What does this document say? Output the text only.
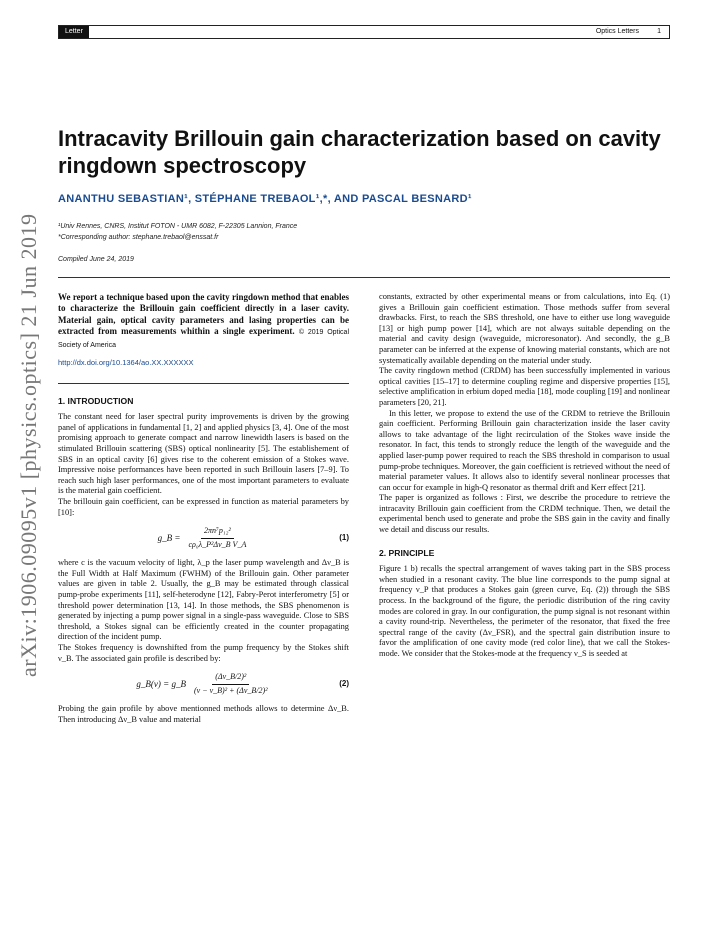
Letter	Optics Letters	1
arXiv:1906.09095v1 [physics.optics] 21 Jun 2019
Intracavity Brillouin gain characterization based on cavity ringdown spectroscopy
ANANTHU SEBASTIAN¹, STÉPHANE TREBAOL¹,*, AND PASCAL BESNARD¹
¹Univ Rennes, CNRS, Institut FOTON - UMR 6082, F-22305 Lannion, France
*Corresponding author: stephane.trebaol@enssat.fr
Compiled June 24, 2019

We report a technique based upon the cavity ringdown method that enables to characterize the Brillouin gain coefficient directly in a laser cavity. Material gain, optical cavity parameters and lasing properties can be extracted from measurements whithin a single experiment. © 2019 Optical Society of America

http://dx.doi.org/10.1364/ao.XX.XXXXXX

1. INTRODUCTION

The constant need for laser spectral purity improvements is driven by the growing panel of applications in fundamental [1, 2] and applied physics [3, 4]. One of the most promising approach to generate compact and narrow linewidth lasers is based on the stimulated Brillouin scattering (SBS) optical nonlinearity [5]. The establishement of SBS in an optical cavity [6] gives rise to the coherent emission of a Stokes wave. Impressive noise performances have been reported in such Brillouin lasers [7–9]. To reach such high laser performances, one of the most important parameters to evaluate is the material gain coefficient.

The brillouin gain coefficient, can be expressed in function as material parameters by [10]:

g_B = $\frac{\text{2πn⁷p₁₂²}}{\text{cρ₀λ\_P²Δν\_B V\_A}}$	(1)

where c is the vacuum velocity of light, λ_p the laser pump wavelength and Δν_B is the Full Width at Half Maximum (FWHM) of the Brillouin gain. Other parameter values are given in table 2. Usually, the g_B may be estimated through classical pump-probe experiments [11], self-heterodyne [12], Fabry-Perot interferometry [5] or threshold power determination [13, 14]. In those methods, the SBS phenomenon is generated by injecting a pump power signal in a single-pass waveguide. Close to SBS threshold, a Stokes signal can be efficiently created in the counter propagating direction of the incident pump.

The Stokes frequency is downshifted from the pump frequency by the Stokes shift ν_B. The associated gain profile is described by:

g_B(ν) = g_B $\frac{\text{(Δν\_B/2)²}}{\text{(ν − ν\_B)² + (Δν\_B/2)²}}$	(2)

Probing the gain profile by above mentionned methods allows to determine Δν_B. Then introducing Δν_B value and material

constants, extracted by other experimental means or from calculations, into Eq. (1) gives a Brillouin gain coefficient estimation. Those methods suffer from several drawbacks. First, to reach the SBS threshold, one have to either use long waveguide [13] or high pump power [14], which are not always suitable depending on the material and cavity design (waveguide, microresonator). And secondly, the g_B parameter can be inferred at the expense of knowing material constants, which are not systematically available depending on the material under study.

The cavity ringdown method (CRDM) has been successfully implemented in various optical cavities [15–17] to determine coupling regime and dispersive properties [15], selective amplification in erbium doped media [18], mode coupling [19] and nonlinear parameters [20, 21].

In this letter, we propose to extend the use of the CRDM to retrieve the Brillouin gain coefficient. Performing Brillouin gain characterization inside the laser cavity allows to take advantage of the light recirculation of the Stokes wave inside the resonator. In fact, this tends to strongly reduce the length of the waveguide and the applied laser-pump power required to reach the SBS threshold in comparison to usual pump-probe techniques. Moreover, the gain coefficient is retrieved without the need of material parameter values. It allows also to identify several nonlinear processes that can occur for example in high-Q resonator as thermal drift and Kerr effect [21].

The paper is organized as follows : First, we describe the procedure to retrieve the intracavity Brillouin gain coefficient from the CRDM technique. Then, we detail the experimental bench used to generate and probe the SBS gain in the cavity and finally we detail and discuss our results.

2. PRINCIPLE

Figure 1 b) recalls the spectral arrangement of waves taking part in the SBS process when studied in a resonant cavity. The blue line corresponds to the pump signal at frequency ν_P that produces a Stokes gain (green curve, Eq. (2)) through the SBS process. In the background of the figure, the periodic distribution of the ring cavity modes are colored in gray. In our configuration, the pump signal is not resonant within a cavity round-trip. Nevertheless, the perimeter of the resonator, that fixed the free spectral range of the cavity (Δν_FSR), and the spectral gain distribution insure to favor the amplification of one cavity mode (red color line), that we call the Stokes-mode. We consider that the Stokes-mode at the frequency ν_S is seeded at
